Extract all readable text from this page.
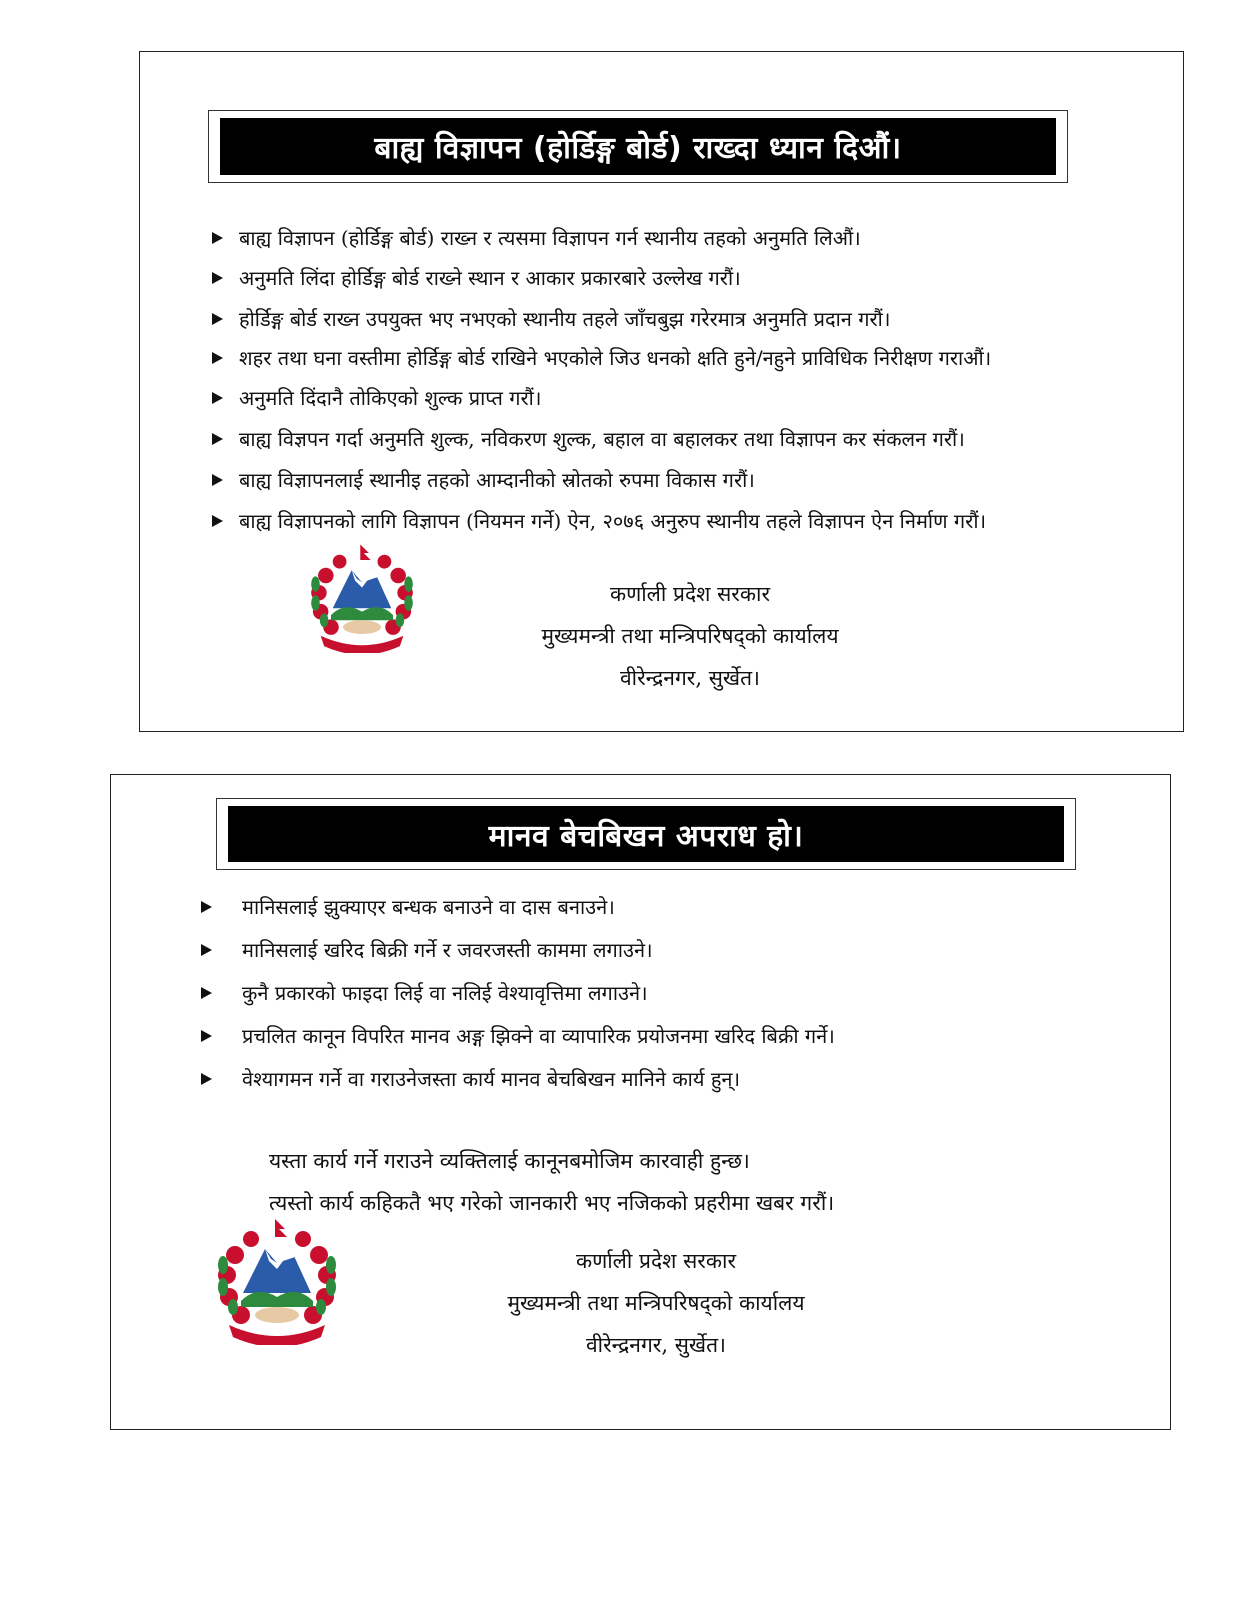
बाह्य विज्ञापन (होर्डिङ्ग बोर्ड) राख्दा ध्यान दिऔं।
बाह्य विज्ञापन (होर्डिङ्ग बोर्ड) राख्न र त्यसमा विज्ञापन गर्न स्थानीय तहको अनुमति लिऔं।
अनुमति लिंदा होर्डिङ्ग बोर्ड राख्ने स्थान र आकार प्रकारबारे उल्लेख गरौं।
होर्डिङ्ग बोर्ड राख्न उपयुक्त भए नभएको स्थानीय तहले जाँचबुझ गरेरमात्र अनुमति प्रदान गरौं।
शहर तथा घना वस्तीमा होर्डिङ्ग बोर्ड राखिने भएकोले जिउ धनको क्षति हुने/नहुने प्राविधिक निरीक्षण गराऔं।
अनुमति दिंदानै तोकिएको शुल्क प्राप्त गरौं।
बाह्य विज्ञपन गर्दा अनुमति शुल्क, नविकरण शुल्क, बहाल वा बहालकर तथा विज्ञापन कर संकलन गरौं।
बाह्य विज्ञापनलाई स्थानीइ तहको आम्दानीको स्रोतको रुपमा विकास गरौं।
बाह्य विज्ञापनको लागि विज्ञापन (नियमन गर्ने) ऐन, २०७६ अनुरुप स्थानीय तहले विज्ञापन ऐन निर्माण गरौं।
कर्णाली प्रदेश सरकार
मुख्यमन्त्री तथा मन्त्रिपरिषद्को कार्यालय
वीरेन्द्रनगर, सुर्खेत।
मानव बेचबिखन अपराध हो।
मानिसलाई झुक्याएर बन्धक बनाउने वा दास बनाउने।
मानिसलाई खरिद बिक्री गर्ने र जवरजस्ती काममा लगाउने।
कुनै प्रकारको फाइदा लिई वा नलिई वेश्यावृत्तिमा लगाउने।
प्रचलित कानून विपरित मानव अङ्ग झिक्ने वा व्यापारिक प्रयोजनमा खरिद बिक्री गर्ने।
वेश्यागमन गर्ने वा गराउनेजस्ता कार्य मानव बेचबिखन मानिने कार्य हुन्।
यस्ता कार्य गर्ने गराउने व्यक्तिलाई कानूनबमोजिम कारवाही हुन्छ।
त्यस्तो कार्य कहिकतै भए गरेको जानकारी भए नजिकको प्रहरीमा खबर गरौं।
कर्णाली प्रदेश सरकार
मुख्यमन्त्री तथा मन्त्रिपरिषद्को कार्यालय
वीरेन्द्रनगर, सुर्खेत।
